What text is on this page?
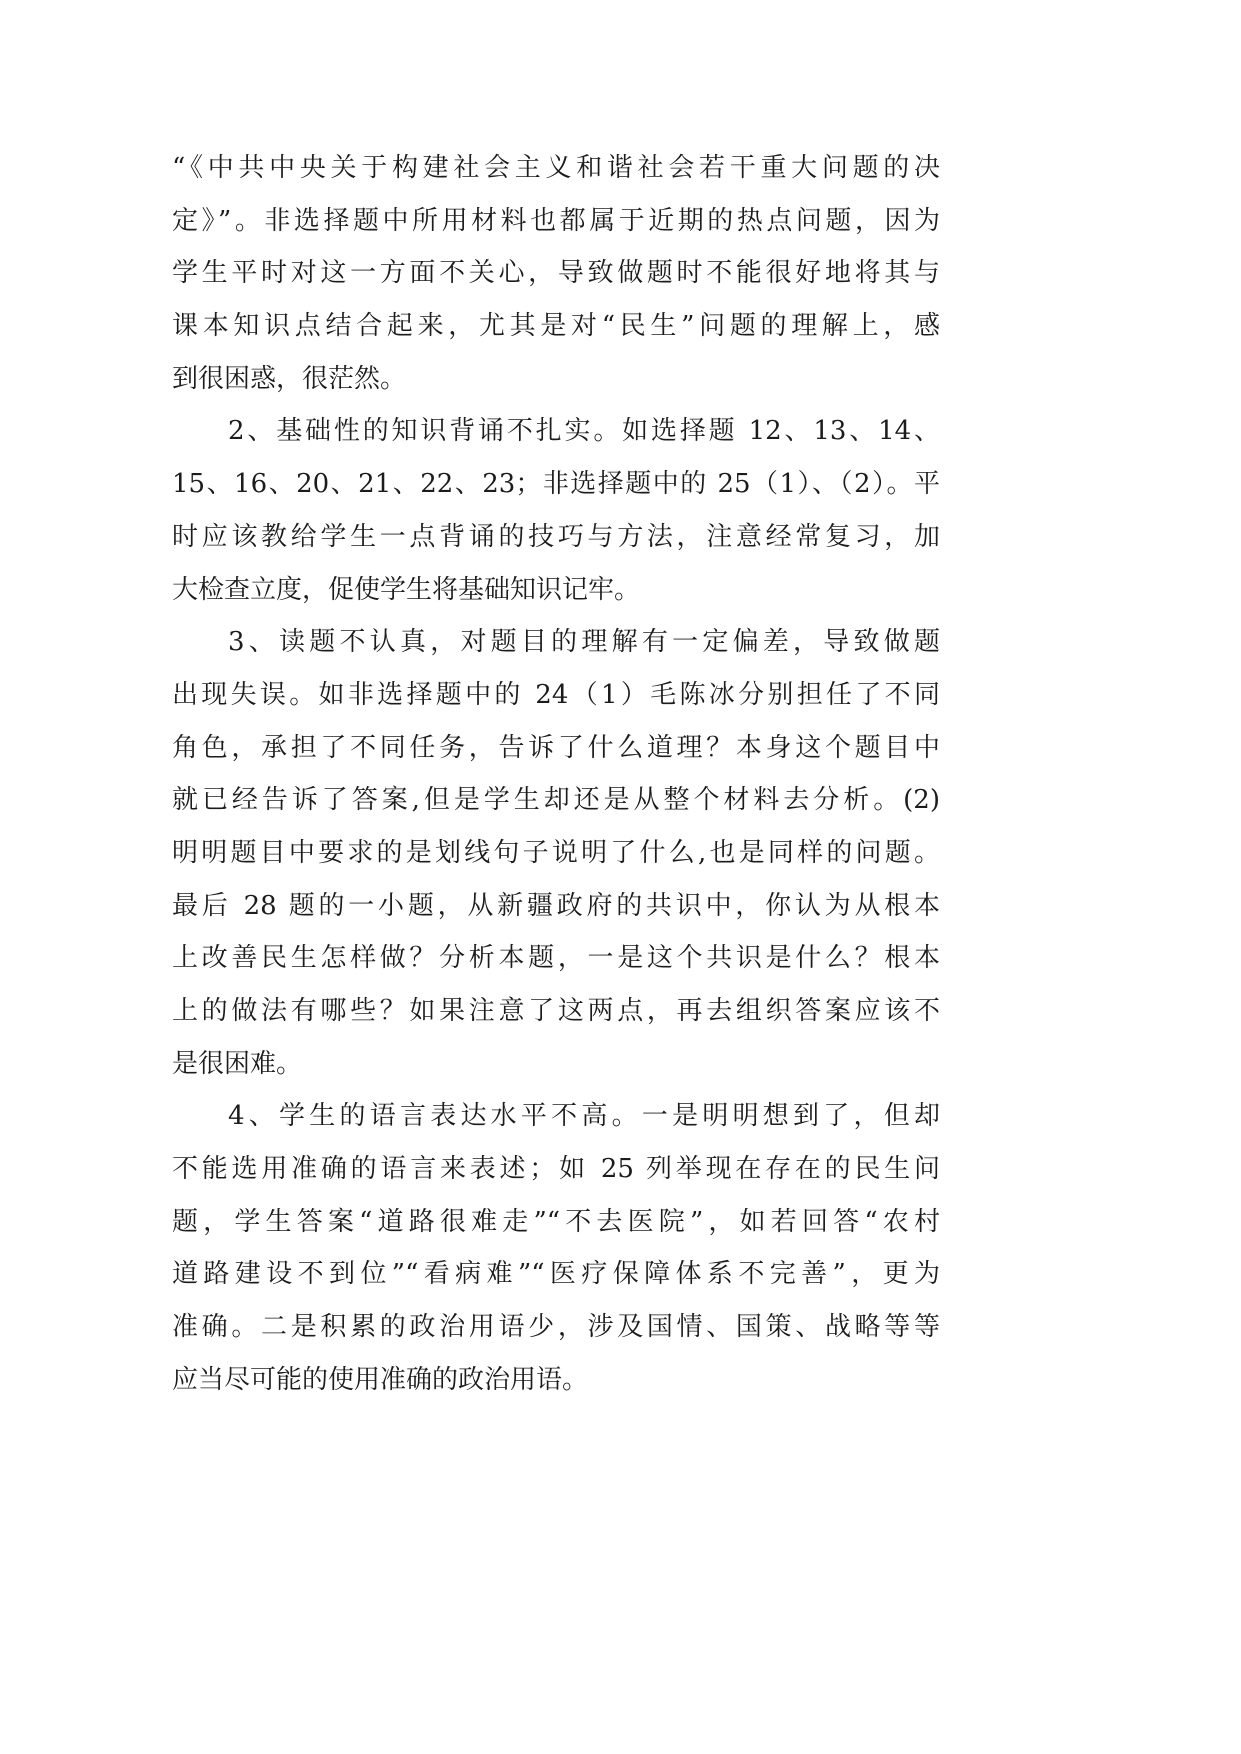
“《中共中央关于构建社会主义和谐社会若干重大问题的决
定》”。非选择题中所用材料也都属于近期的热点问题，因为
学生平时对这一方面不关心，导致做题时不能很好地将其与
课本知识点结合起来，尤其是对“民生”问题的理解上，感
到很困惑，很茫然。
2、基础性的知识背诵不扎实。如选择题 12、13、14、
15、16、20、21、22、23；非选择题中的 25（1）、（2）。平
时应该教给学生一点背诵的技巧与方法，注意经常复习，加
大检查立度，促使学生将基础知识记牢。
3、读题不认真，对题目的理解有一定偏差，导致做题
出现失误。如非选择题中的 24（1）毛陈冰分别担任了不同
角色，承担了不同任务，告诉了什么道理？本身这个题目中
就已经告诉了答案,但是学生却还是从整个材料去分析。(2)
明明题目中要求的是划线句子说明了什么,也是同样的问题。
最后 28 题的一小题，从新疆政府的共识中，你认为从根本
上改善民生怎样做？分析本题，一是这个共识是什么？根本
上的做法有哪些？如果注意了这两点，再去组织答案应该不
是很困难。
4、学生的语言表达水平不高。一是明明想到了，但却
不能选用准确的语言来表述；如 25 列举现在存在的民生问
题，学生答案“道路很难走”“不去医院”，如若回答“农村
道路建设不到位”“看病难”“医疗保障体系不完善”，更为
准确。二是积累的政治用语少，涉及国情、国策、战略等等
应当尽可能的使用准确的政治用语。
